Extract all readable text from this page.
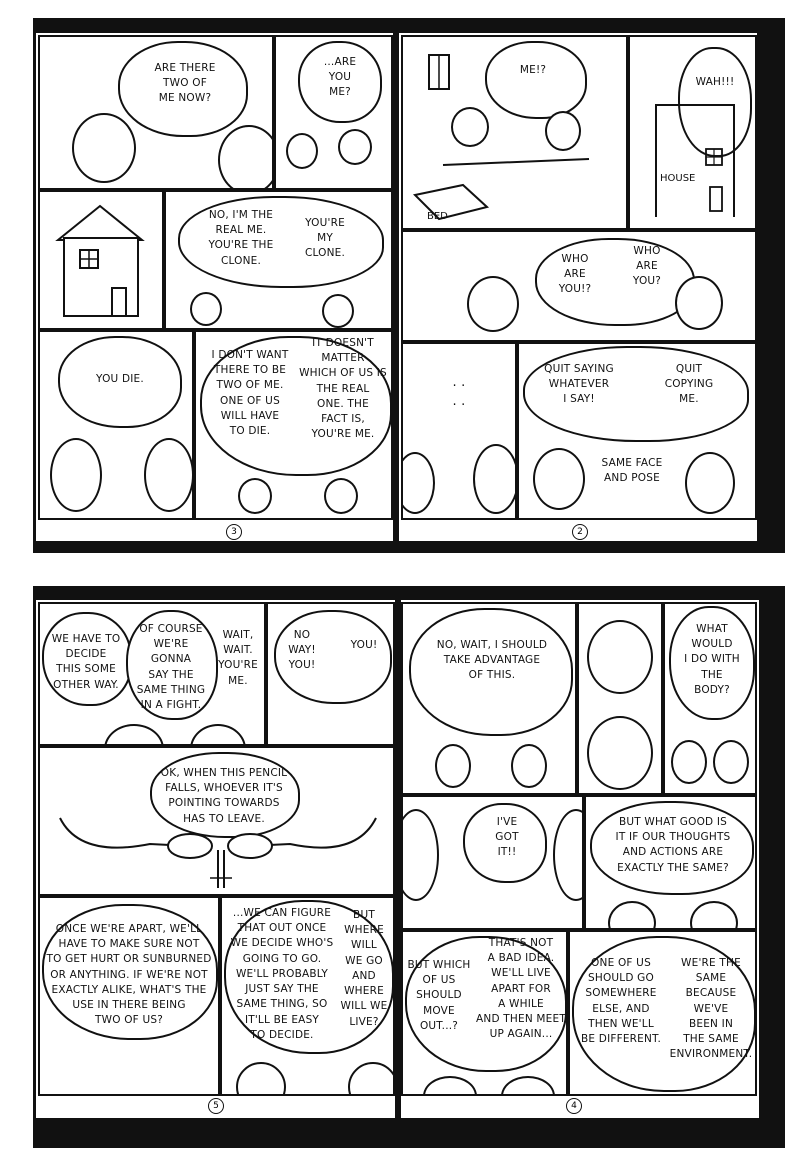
ARE THERE
TWO OF
ME NOW?
...ARE
YOU
ME?
NO, I'M THE
REAL ME.
YOU'RE THE
CLONE.
YOU'RE
MY
CLONE.
YOU DIE.
I DON'T WANT
THERE TO BE
TWO OF ME.
ONE OF US
WILL HAVE
TO DIE.
IT DOESN'T
MATTER
WHICH OF US IS
THE REAL
ONE. THE
FACT IS,
YOU'RE ME.
3
ME!?
BED
WAH!!!
HOUSE
WHO
ARE
YOU!?
WHO
ARE
YOU?
. . . .
QUIT SAYING
WHATEVER
I SAY!
QUIT
COPYING
ME.
SAME FACE
AND POSE
2
WE HAVE TO
DECIDE
THIS SOME
OTHER WAY.
OF COURSE
WE'RE
GONNA
SAY THE
SAME THING
IN A FIGHT.
WAIT,
WAIT.
YOU'RE
ME.
NO
WAY!
YOU!
YOU!
OK, WHEN THIS PENCIL
FALLS, WHOEVER IT'S
POINTING TOWARDS
HAS TO LEAVE.
ONCE WE'RE APART, WE'LL
HAVE TO MAKE SURE NOT
TO GET HURT OR SUNBURNED
OR ANYTHING. IF WE'RE NOT
EXACTLY ALIKE, WHAT'S THE
USE IN THERE BEING
TWO OF US?
...WE CAN FIGURE
THAT OUT ONCE
WE DECIDE WHO'S
GOING TO GO.
WE'LL PROBABLY
JUST SAY THE
SAME THING, SO
IT'LL BE EASY
TO DECIDE.
BUT
WHERE
WILL
WE GO
AND
WHERE
WILL WE
LIVE?
5
NO, WAIT, I SHOULD
TAKE ADVANTAGE
OF THIS.
WHAT
WOULD
I DO WITH
THE
BODY?
I'VE
GOT
IT!!
BUT WHAT GOOD IS
IT IF OUR THOUGHTS
AND ACTIONS ARE
EXACTLY THE SAME?
BUT WHICH
OF US
SHOULD
MOVE
OUT...?
THAT'S NOT
A BAD IDEA.
WE'LL LIVE
APART FOR
A WHILE
AND THEN MEET
UP AGAIN...
ONE OF US
SHOULD GO
SOMEWHERE
ELSE, AND
THEN WE'LL
BE DIFFERENT.
WE'RE THE
SAME
BECAUSE
WE'VE
BEEN IN
THE SAME
ENVIRONMENT.
4
